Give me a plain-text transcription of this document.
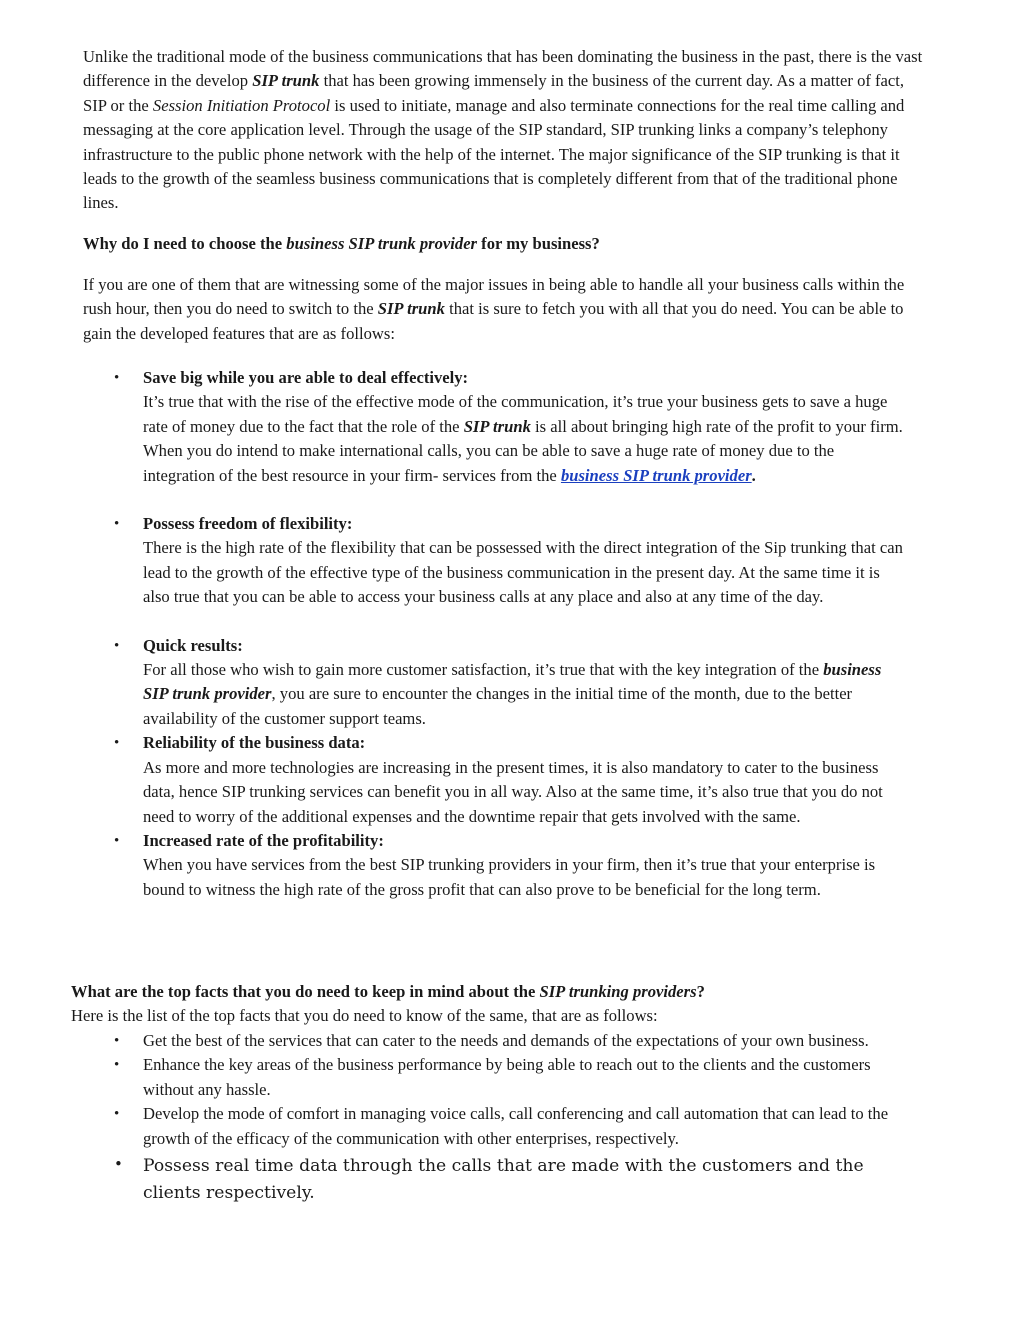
Unlike the traditional mode of the business communications that has been dominating the business in the past, there is the vast difference in the develop SIP trunk that has been growing immensely in the business of the current day. As a matter of fact, SIP or the Session Initiation Protocol is used to initiate, manage and also terminate connections for the real time calling and messaging at the core application level. Through the usage of the SIP standard, SIP trunking links a company’s telephony infrastructure to the public phone network with the help of the internet. The major significance of the SIP trunking is that it leads to the growth of the seamless business communications that is completely different from that of the traditional phone lines.

Why do I need to choose the business SIP trunk provider for my business?

If you are one of them that are witnessing some of the major issues in being able to handle all your business calls within the rush hour, then you do need to switch to the SIP trunk that is sure to fetch you with all that you do need. You can be able to gain the developed features that are as follows:

• Save big while you are able to deal effectively:
It’s true that with the rise of the effective mode of the communication, it’s true your business gets to save a huge rate of money due to the fact that the role of the SIP trunk is all about bringing high rate of the profit to your firm. When you do intend to make international calls, you can be able to save a huge rate of money due to the integration of the best resource in your firm- services from the business SIP trunk provider.
• Possess freedom of flexibility:
There is the high rate of the flexibility that can be possessed with the direct integration of the Sip trunking that can lead to the growth of the effective type of the business communication in the present day. At the same time it is also true that you can be able to access your business calls at any place and also at any time of the day.
• Quick results:
For all those who wish to gain more customer satisfaction, it’s true that with the key integration of the business SIP trunk provider, you are sure to encounter the changes in the initial time of the month, due to the better availability of the customer support teams.
• Reliability of the business data:
As more and more technologies are increasing in the present times, it is also mandatory to cater to the business data, hence SIP trunking services can benefit you in all way. Also at the same time, it’s also true that you do not need to worry of the additional expenses and the downtime repair that gets involved with the same.
• Increased rate of the profitability:
When you have services from the best SIP trunking providers in your firm, then it’s true that your enterprise is bound to witness the high rate of the gross profit that can also prove to be beneficial for the long term.

What are the top facts that you do need to keep in mind about the SIP trunking providers?

Here is the list of the top facts that you do need to know of the same, that are as follows:

• Get the best of the services that can cater to the needs and demands of the expectations of your own business.
• Enhance the key areas of the business performance by being able to reach out to the clients and the customers without any hassle.
• Develop the mode of comfort in managing voice calls, call conferencing and call automation that can lead to the growth of the efficacy of the communication with other enterprises, respectively.
• Possess real time data through the calls that are made with the customers and the clients respectively.
